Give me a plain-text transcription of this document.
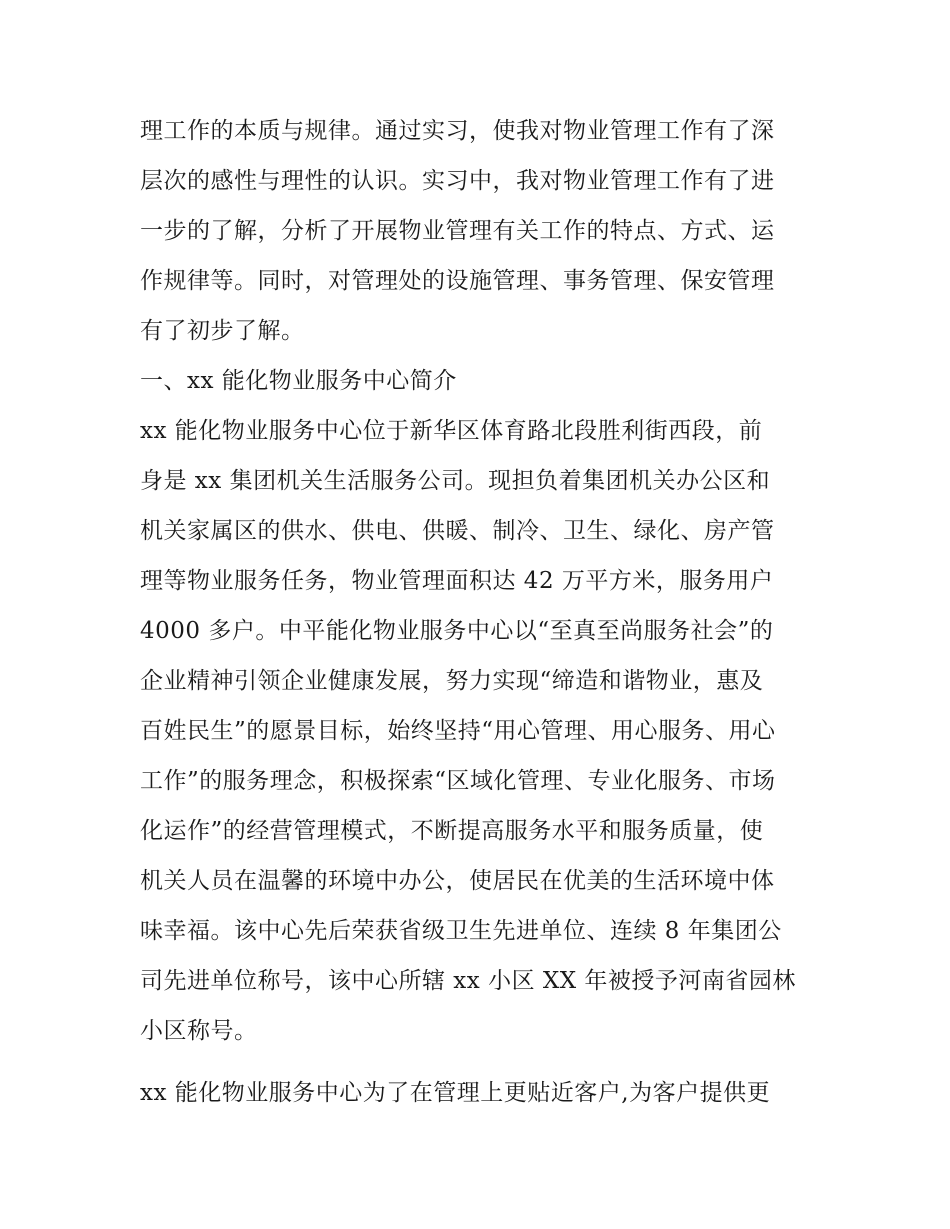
理工作的本质与规律。通过实习，使我对物业管理工作有了深
层次的感性与理性的认识。实习中，我对物业管理工作有了进
一步的了解，分析了开展物业管理有关工作的特点、方式、运
作规律等。同时，对管理处的设施管理、事务管理、保安管理
有了初步了解。
一、xx 能化物业服务中心简介
xx 能化物业服务中心位于新华区体育路北段胜利街西段，前
身是 xx 集团机关生活服务公司。现担负着集团机关办公区和
机关家属区的供水、供电、供暖、制冷、卫生、绿化、房产管
理等物业服务任务，物业管理面积达 42 万平方米，服务用户
4000 多户。中平能化物业服务中心以“至真至尚服务社会”的
企业精神引领企业健康发展，努力实现“缔造和谐物业，惠及
百姓民生”的愿景目标，始终坚持“用心管理、用心服务、用心
工作”的服务理念，积极探索“区域化管理、专业化服务、市场
化运作”的经营管理模式，不断提高服务水平和服务质量，使
机关人员在温馨的环境中办公，使居民在优美的生活环境中体
味幸福。该中心先后荣获省级卫生先进单位、连续 8 年集团公
司先进单位称号，该中心所辖 xx 小区 XX 年被授予河南省园林
小区称号。
xx 能化物业服务中心为了在管理上更贴近客户,为客户提供更
